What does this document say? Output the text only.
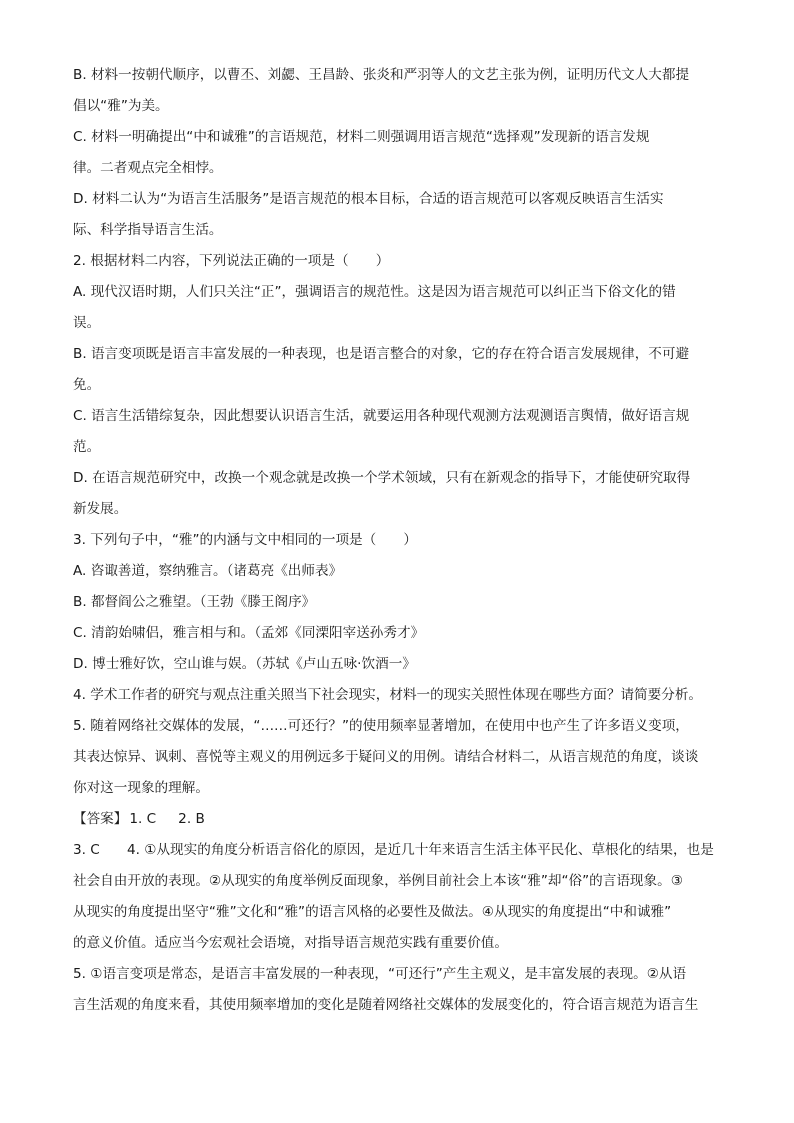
B. 材料一按朝代顺序，以曹丕、刘勰、王昌龄、张炎和严羽等人的文艺主张为例，证明历代文人大都提
倡以“雅”为美。
C. 材料一明确提出“中和诚雅”的言语规范，材料二则强调用语言规范“选择观”发现新的语言发规
律。二者观点完全相悖。
D. 材料二认为“为语言生活服务”是语言规范的根本目标，合适的语言规范可以客观反映语言生活实
际、科学指导语言生活。
2. 根据材料二内容，下列说法正确的一项是（　　）
A. 现代汉语时期，人们只关注“正”，强调语言的规范性。这是因为语言规范可以纠正当下俗文化的错
误。
B. 语言变项既是语言丰富发展的一种表现，也是语言整合的对象，它的存在符合语言发展规律，不可避
免。
C. 语言生活错综复杂，因此想要认识语言生活，就要运用各种现代观测方法观测语言舆情，做好语言规
范。
D. 在语言规范研究中，改换一个观念就是改换一个学术领域，只有在新观念的指导下，才能使研究取得
新发展。
3. 下列句子中，“雅”的内涵与文中相同的一项是（　　）
A. 咨诹善道，察纳雅言。（诸葛亮《出师表》
B. 都督阎公之雅望。（王勃《滕王阁序》
C. 清韵始啸侣，雅言相与和。（孟郊《同溧阳宰送孙秀才》
D. 博士雅好饮，空山谁与娱。（苏轼《卢山五咏·饮酒一》
4. 学术工作者的研究与观点注重关照当下社会现实，材料一的现实关照性体现在哪些方面？请简要分析。
5. 随着网络社交媒体的发展，“……可还行？”的使用频率显著增加，在使用中也产生了许多语义变项，
其表达惊异、讽刺、喜悦等主观义的用例远多于疑问义的用例。请结合材料二，从语言规范的角度，谈谈
你对这一现象的理解。
【答案】 1. C 2. B
3. C　　4. ①从现实的角度分析语言俗化的原因，是近几十年来语言生活主体平民化、草根化的结果，也是
社会自由开放的表现。②从现实的角度举例反面现象，举例目前社会上本该“雅”却“俗”的言语现象。③
从现实的角度提出坚守“雅”文化和“雅”的语言风格的必要性及做法。④从现实的角度提出“中和诚雅”
的意义价值。适应当今宏观社会语境，对指导语言规范实践有重要价值。
5. ①语言变项是常态，是语言丰富发展的一种表现，“可还行”产生主观义，是丰富发展的表现。②从语
言生活观的角度来看，其使用频率增加的变化是随着网络社交媒体的发展变化的，符合语言规范为语言生
